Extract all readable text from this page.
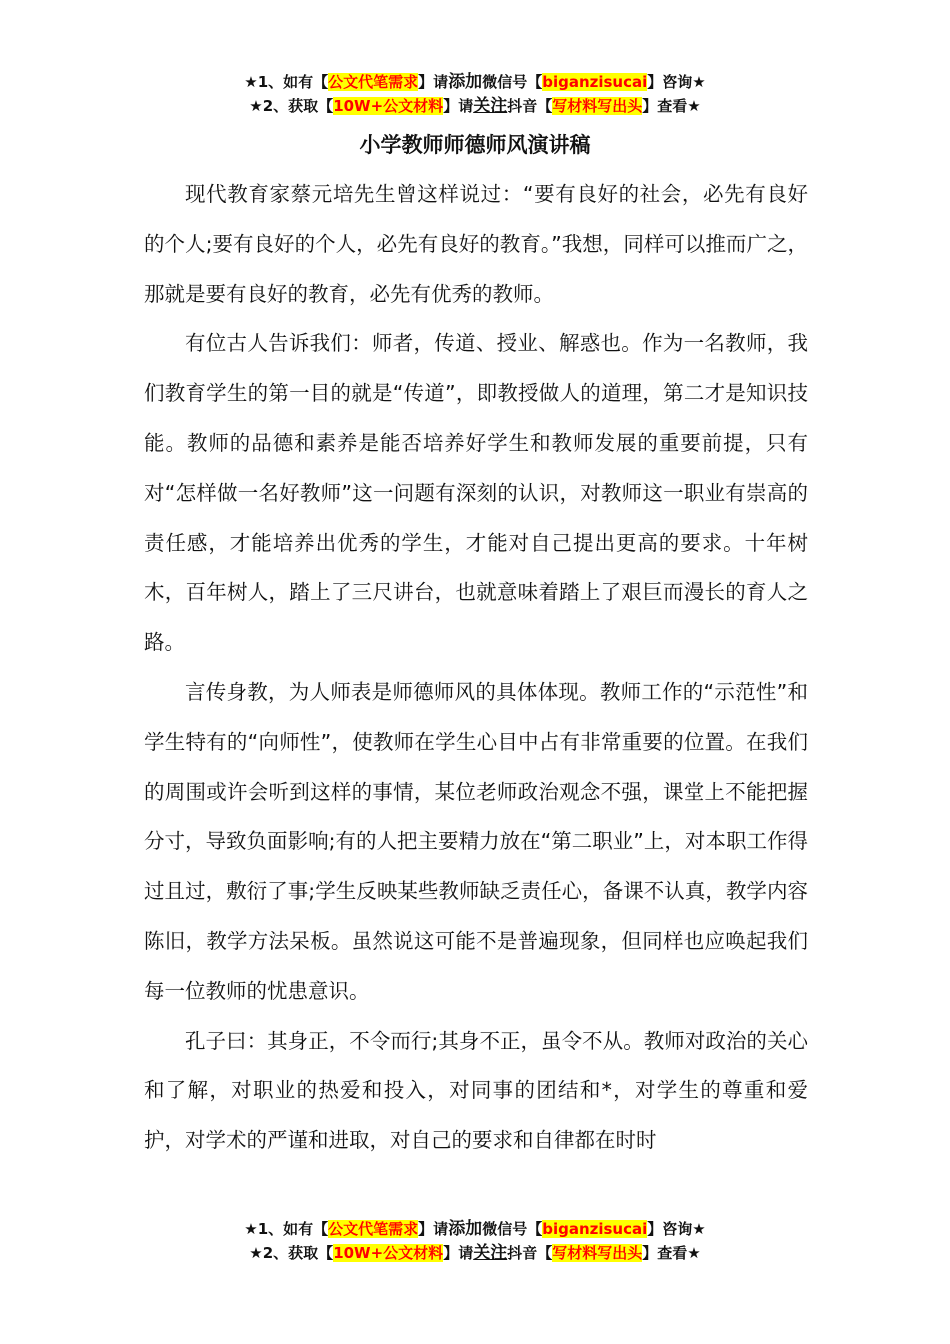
★1、如有【公文代笔需求】请添加微信号【biganzisucai】咨询★
★2、获取【10W+公文材料】请关注抖音【写材料写出头】查看★
小学教师师德师风演讲稿

现代教育家蔡元培先生曾这样说过：“要有良好的社会，必先有良好的个人;要有良好的个人，必先有良好的教育。”我想，同样可以推而广之，那就是要有良好的教育，必先有优秀的教师。

有位古人告诉我们：师者，传道、授业、解惑也。作为一名教师，我们教育学生的第一目的就是“传道”，即教授做人的道理，第二才是知识技能。教师的品德和素养是能否培养好学生和教师发展的重要前提，只有对“怎样做一名好教师”这一问题有深刻的认识，对教师这一职业有崇高的责任感，才能培养出优秀的学生，才能对自己提出更高的要求。十年树木，百年树人，踏上了三尺讲台，也就意味着踏上了艰巨而漫长的育人之路。

言传身教，为人师表是师德师风的具体体现。教师工作的“示范性”和学生特有的“向师性”，使教师在学生心目中占有非常重要的位置。在我们的周围或许会听到这样的事情，某位老师政治观念不强，课堂上不能把握分寸，导致负面影响;有的人把主要精力放在“第二职业”上，对本职工作得过且过，敷衍了事;学生反映某些教师缺乏责任心，备课不认真，教学内容陈旧，教学方法呆板。虽然说这可能不是普遍现象，但同样也应唤起我们每一位教师的忧患意识。

孔子曰：其身正，不令而行;其身不正，虽令不从。教师对政治的关心和了解，对职业的热爱和投入，对同事的团结和*，对学生的尊重和爱护，对学术的严谨和进取，对自己的要求和自律都在时时

★1、如有【公文代笔需求】请添加微信号【biganzisucai】咨询★
★2、获取【10W+公文材料】请关注抖音【写材料写出头】查看★
